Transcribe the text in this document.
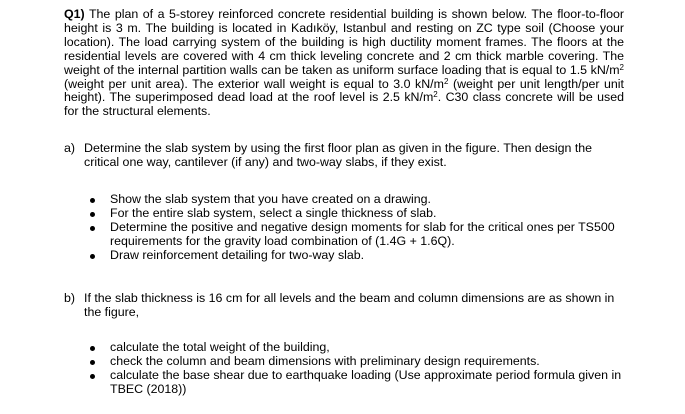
Q1) The plan of a 5-storey reinforced concrete residential building is shown below. The floor-to-floor height is 3 m. The building is located in Kadıköy, Istanbul and resting on ZC type soil (Choose your location). The load carrying system of the building is high ductility moment frames. The floors at the residential levels are covered with 4 cm thick leveling concrete and 2 cm thick marble covering. The weight of the internal partition walls can be taken as uniform surface loading that is equal to 1.5 $kN/m^2$ (weight per unit area). The exterior wall weight is equal to 3.0 $kN/m^2$ (weight per unit length/per unit height). The superimposed dead load at the roof level is 2.5 $kN/m^2$. C30 class concrete will be used for the structural elements.

a) Determine the slab system by using the first floor plan as given in the figure. Then design the critical one way, cantilever (if any) and two-way slabs, if they exist.
Show the slab system that you have created on a drawing.
For the entire slab system, select a single thickness of slab.
Determine the positive and negative design moments for slab for the critical ones per TS500 requirements for the gravity load combination of (1.4G + 1.6Q).
Draw reinforcement detailing for two-way slab.
b) If the slab thickness is 16 cm for all levels and the beam and column dimensions are as shown in the figure,
calculate the total weight of the building,
check the column and beam dimensions with preliminary design requirements.
calculate the base shear due to earthquake loading (Use approximate period formula given in TBEC (2018))
